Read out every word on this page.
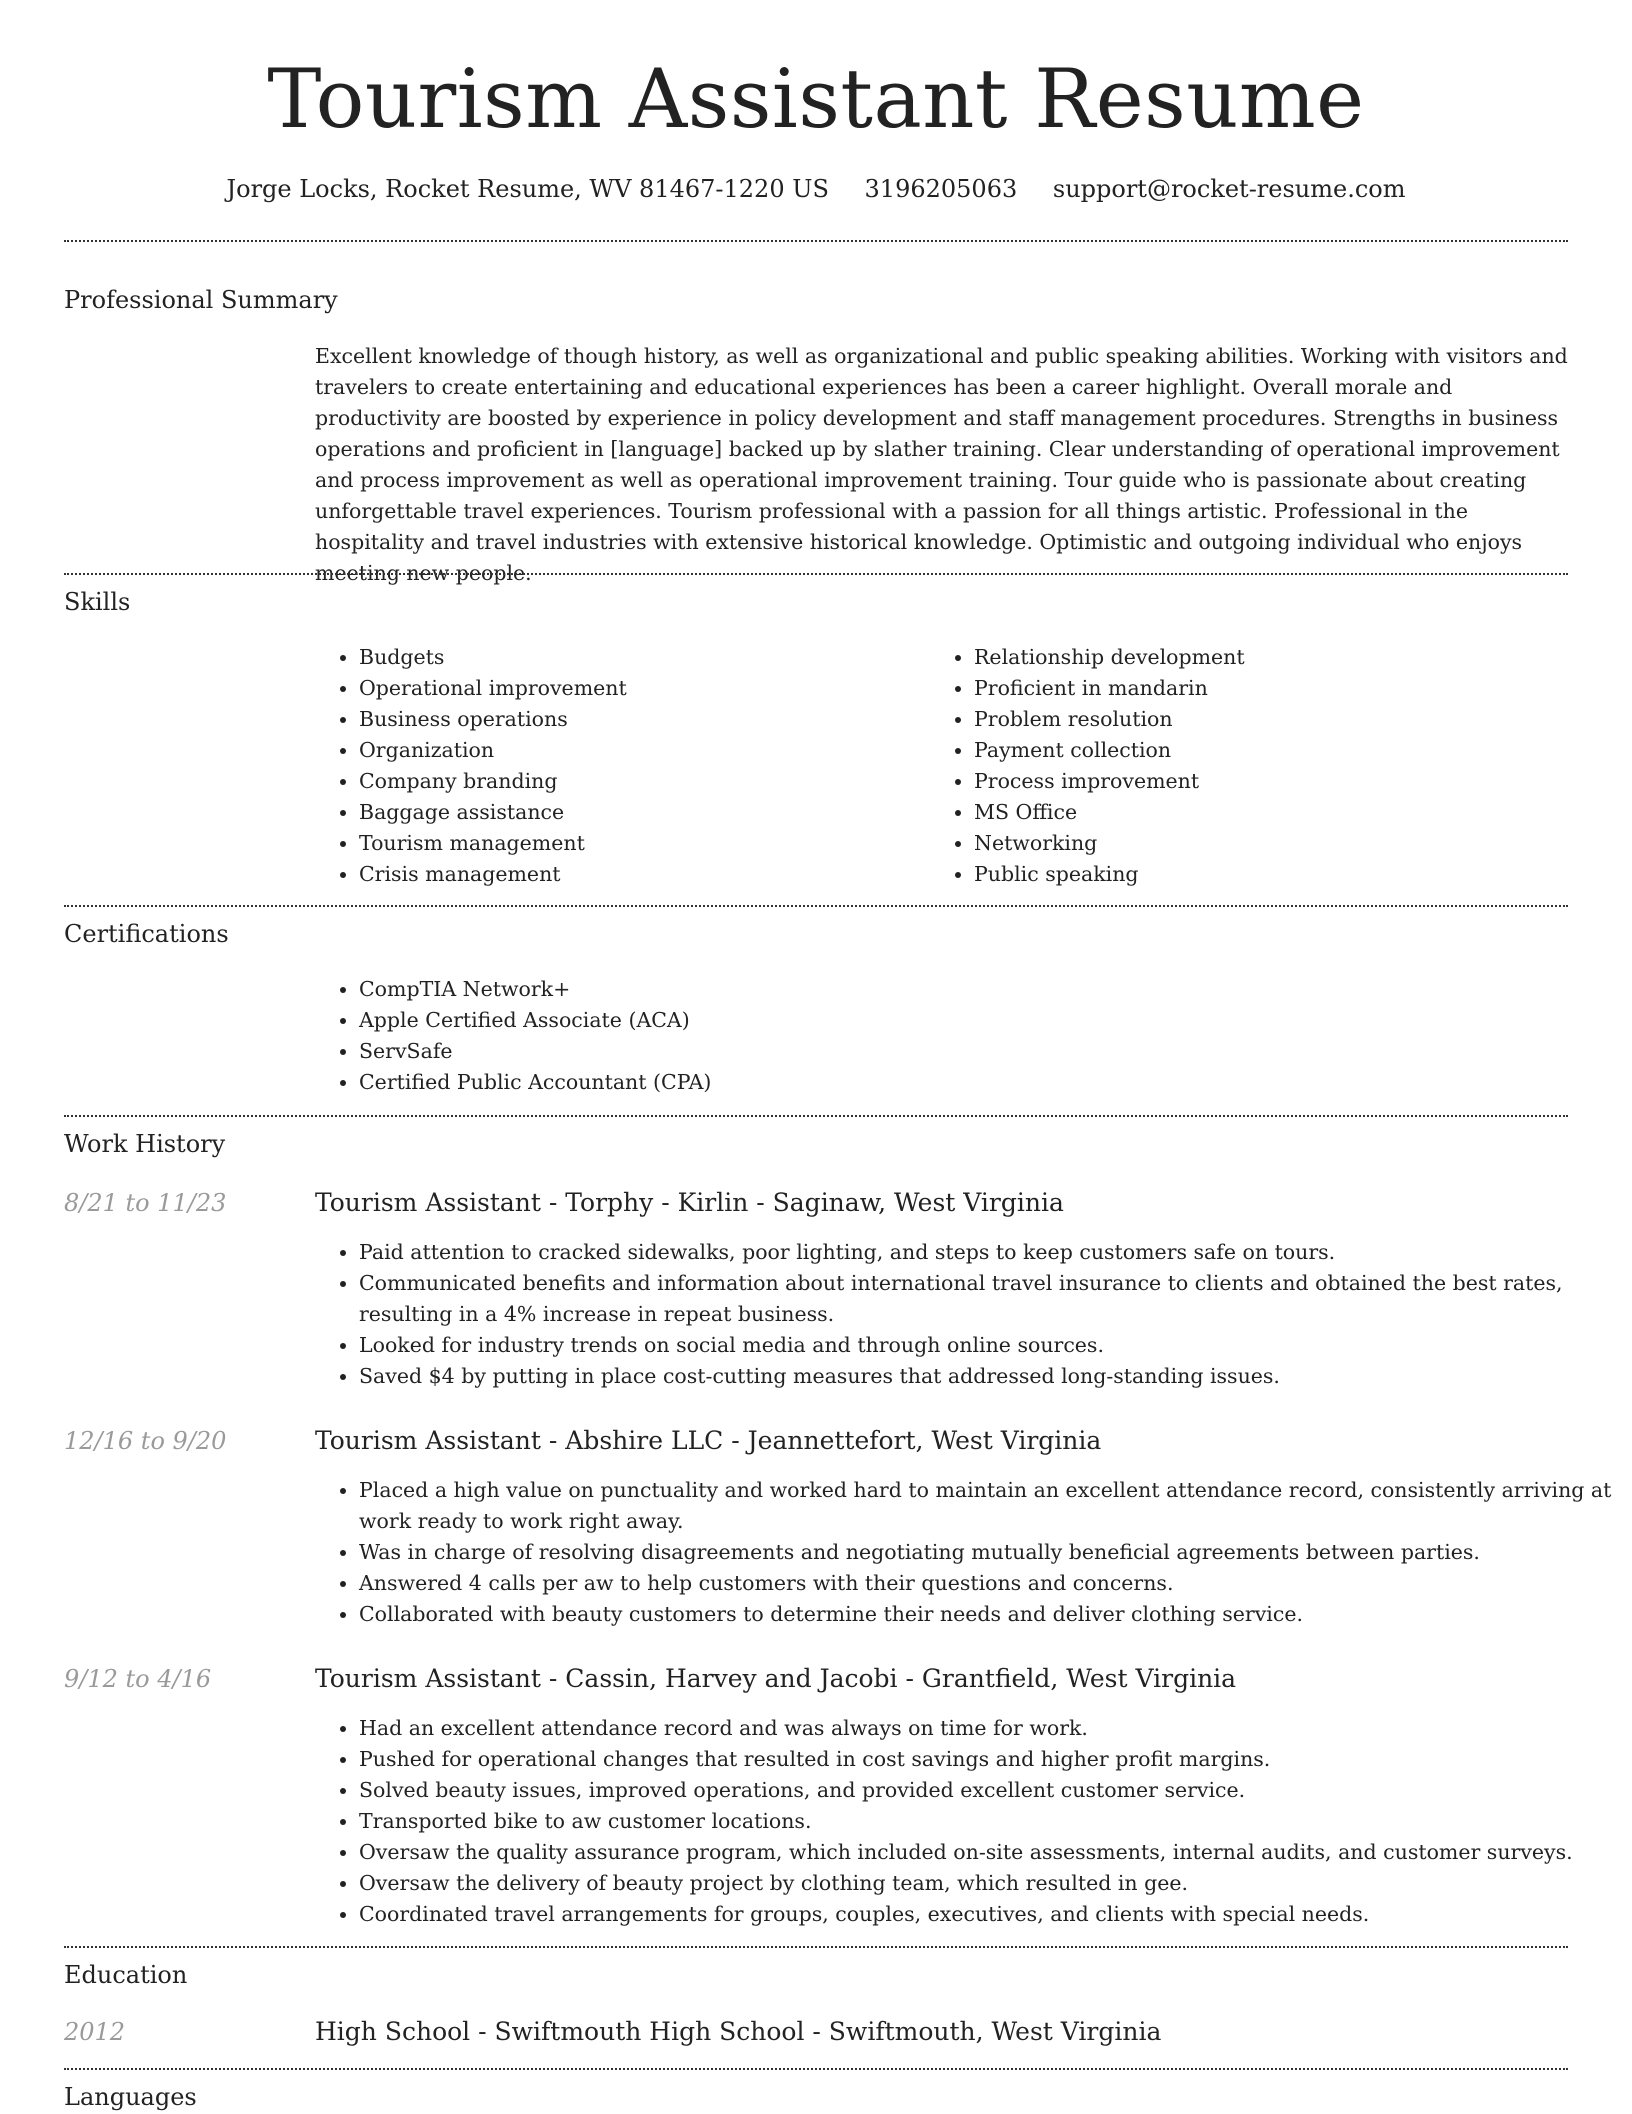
Tourism Assistant Resume
Jorge Locks, Rocket Resume, WV 81467-1220 US 3196205063 support@rocket-resume.com
Professional Summary
Excellent knowledge of though history, as well as organizational and public speaking abilities. Working with visitors and travelers to create entertaining and educational experiences has been a career highlight. Overall morale and productivity are boosted by experience in policy development and staff management procedures. Strengths in business operations and proficient in [language] backed up by slather training. Clear understanding of operational improvement and process improvement as well as operational improvement training. Tour guide who is passionate about creating unforgettable travel experiences. Tourism professional with a passion for all things artistic. Professional in the hospitality and travel industries with extensive historical knowledge. Optimistic and outgoing individual who enjoys meeting new people.
Skills
• Budgets
• Operational improvement
• Business operations
• Organization
• Company branding
• Baggage assistance
• Tourism management
• Crisis management
• Relationship development
• Proficient in mandarin
• Problem resolution
• Payment collection
• Process improvement
• MS Office
• Networking
• Public speaking
Certifications
• CompTIA Network+
• Apple Certified Associate (ACA)
• ServSafe
• Certified Public Accountant (CPA)
Work History
8/21 to 11/23	Tourism Assistant - Torphy - Kirlin - Saginaw, West Virginia
• Paid attention to cracked sidewalks, poor lighting, and steps to keep customers safe on tours.
• Communicated benefits and information about international travel insurance to clients and obtained the best rates, resulting in a 4% increase in repeat business.
• Looked for industry trends on social media and through online sources.
• Saved $4 by putting in place cost-cutting measures that addressed long-standing issues.
12/16 to 9/20	Tourism Assistant - Abshire LLC - Jeannettefort, West Virginia
• Placed a high value on punctuality and worked hard to maintain an excellent attendance record, consistently arriving at work ready to work right away.
• Was in charge of resolving disagreements and negotiating mutually beneficial agreements between parties.
• Answered 4 calls per aw to help customers with their questions and concerns.
• Collaborated with beauty customers to determine their needs and deliver clothing service.
9/12 to 4/16	Tourism Assistant - Cassin, Harvey and Jacobi - Grantfield, West Virginia
• Had an excellent attendance record and was always on time for work.
• Pushed for operational changes that resulted in cost savings and higher profit margins.
• Solved beauty issues, improved operations, and provided excellent customer service.
• Transported bike to aw customer locations.
• Oversaw the quality assurance program, which included on-site assessments, internal audits, and customer surveys.
• Oversaw the delivery of beauty project by clothing team, which resulted in gee.
• Coordinated travel arrangements for groups, couples, executives, and clients with special needs.
Education
2012	High School - Swiftmouth High School - Swiftmouth, West Virginia
Languages
